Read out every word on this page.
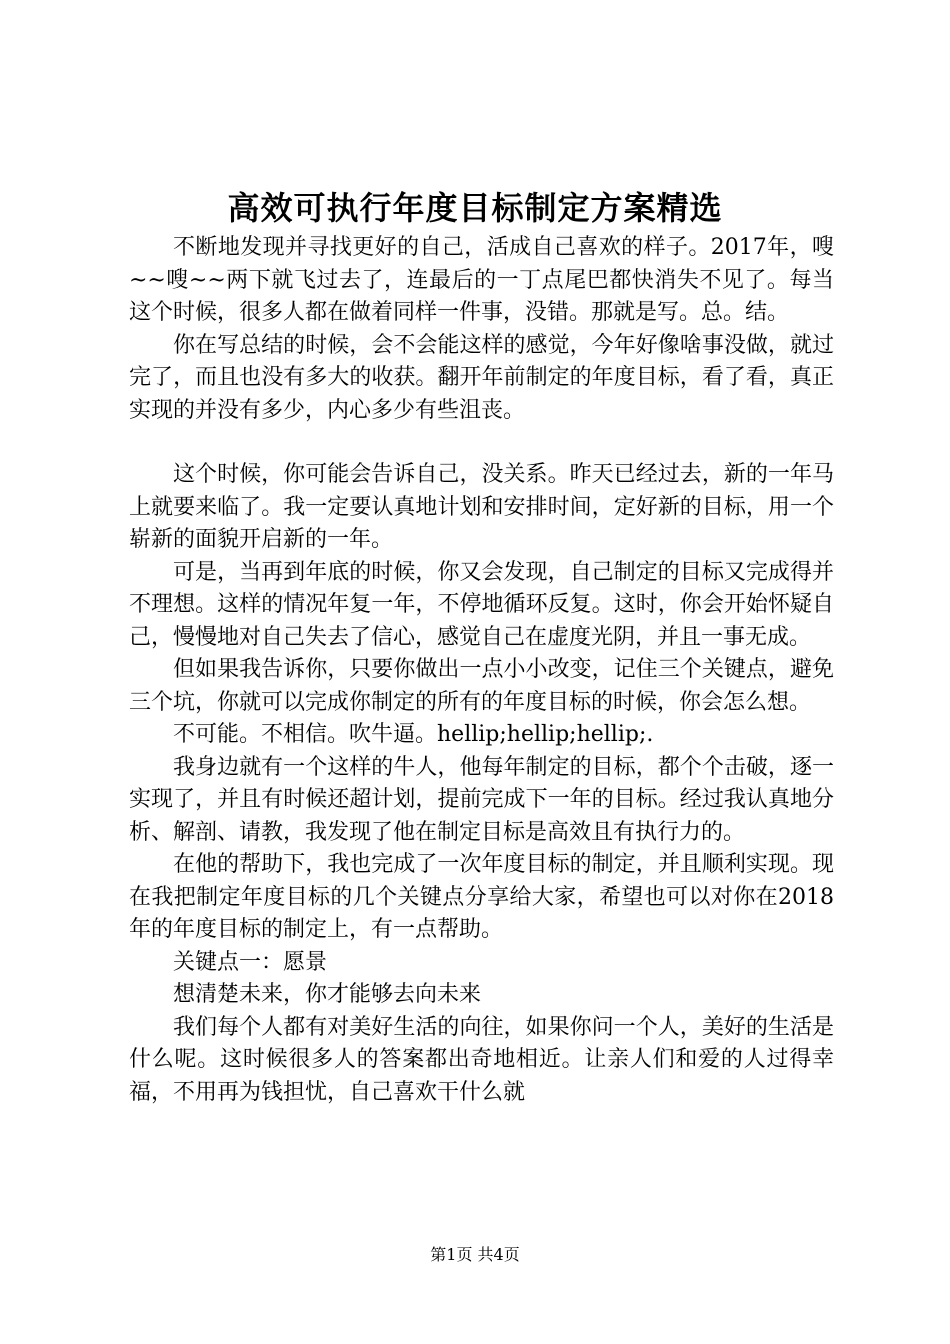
高效可执行年度目标制定方案精选

不断地发现并寻找更好的自己，活成自己喜欢的样子。2017年，嗖~~嗖~~两下就飞过去了，连最后的一丁点尾巴都快消失不见了。每当这个时候，很多人都在做着同样一件事，没错。那就是写。总。结。

你在写总结的时候，会不会能这样的感觉，今年好像啥事没做，就过完了，而且也没有多大的收获。翻开年前制定的年度目标，看了看，真正实现的并没有多少，内心多少有些沮丧。

这个时候，你可能会告诉自己，没关系。昨天已经过去，新的一年马上就要来临了。我一定要认真地计划和安排时间，定好新的目标，用一个崭新的面貌开启新的一年。

可是，当再到年底的时候，你又会发现，自己制定的目标又完成得并不理想。这样的情况年复一年，不停地循环反复。这时，你会开始怀疑自己，慢慢地对自己失去了信心，感觉自己在虚度光阴，并且一事无成。

但如果我告诉你，只要你做出一点小小改变，记住三个关键点，避免三个坑，你就可以完成你制定的所有的年度目标的时候，你会怎么想。

不可能。不相信。吹牛逼。hellip;hellip;hellip;.

我身边就有一个这样的牛人，他每年制定的目标，都个个击破，逐一实现了，并且有时候还超计划，提前完成下一年的目标。经过我认真地分析、解剖、请教，我发现了他在制定目标是高效且有执行力的。

在他的帮助下，我也完成了一次年度目标的制定，并且顺利实现。现在我把制定年度目标的几个关键点分享给大家，希望也可以对你在2018年的年度目标的制定上，有一点帮助。

关键点一：愿景

想清楚未来，你才能够去向未来

我们每个人都有对美好生活的向往，如果你问一个人，美好的生活是什么呢。这时候很多人的答案都出奇地相近。让亲人们和爱的人过得幸福，不用再为钱担忧，自己喜欢干什么就

第1页 共4页
